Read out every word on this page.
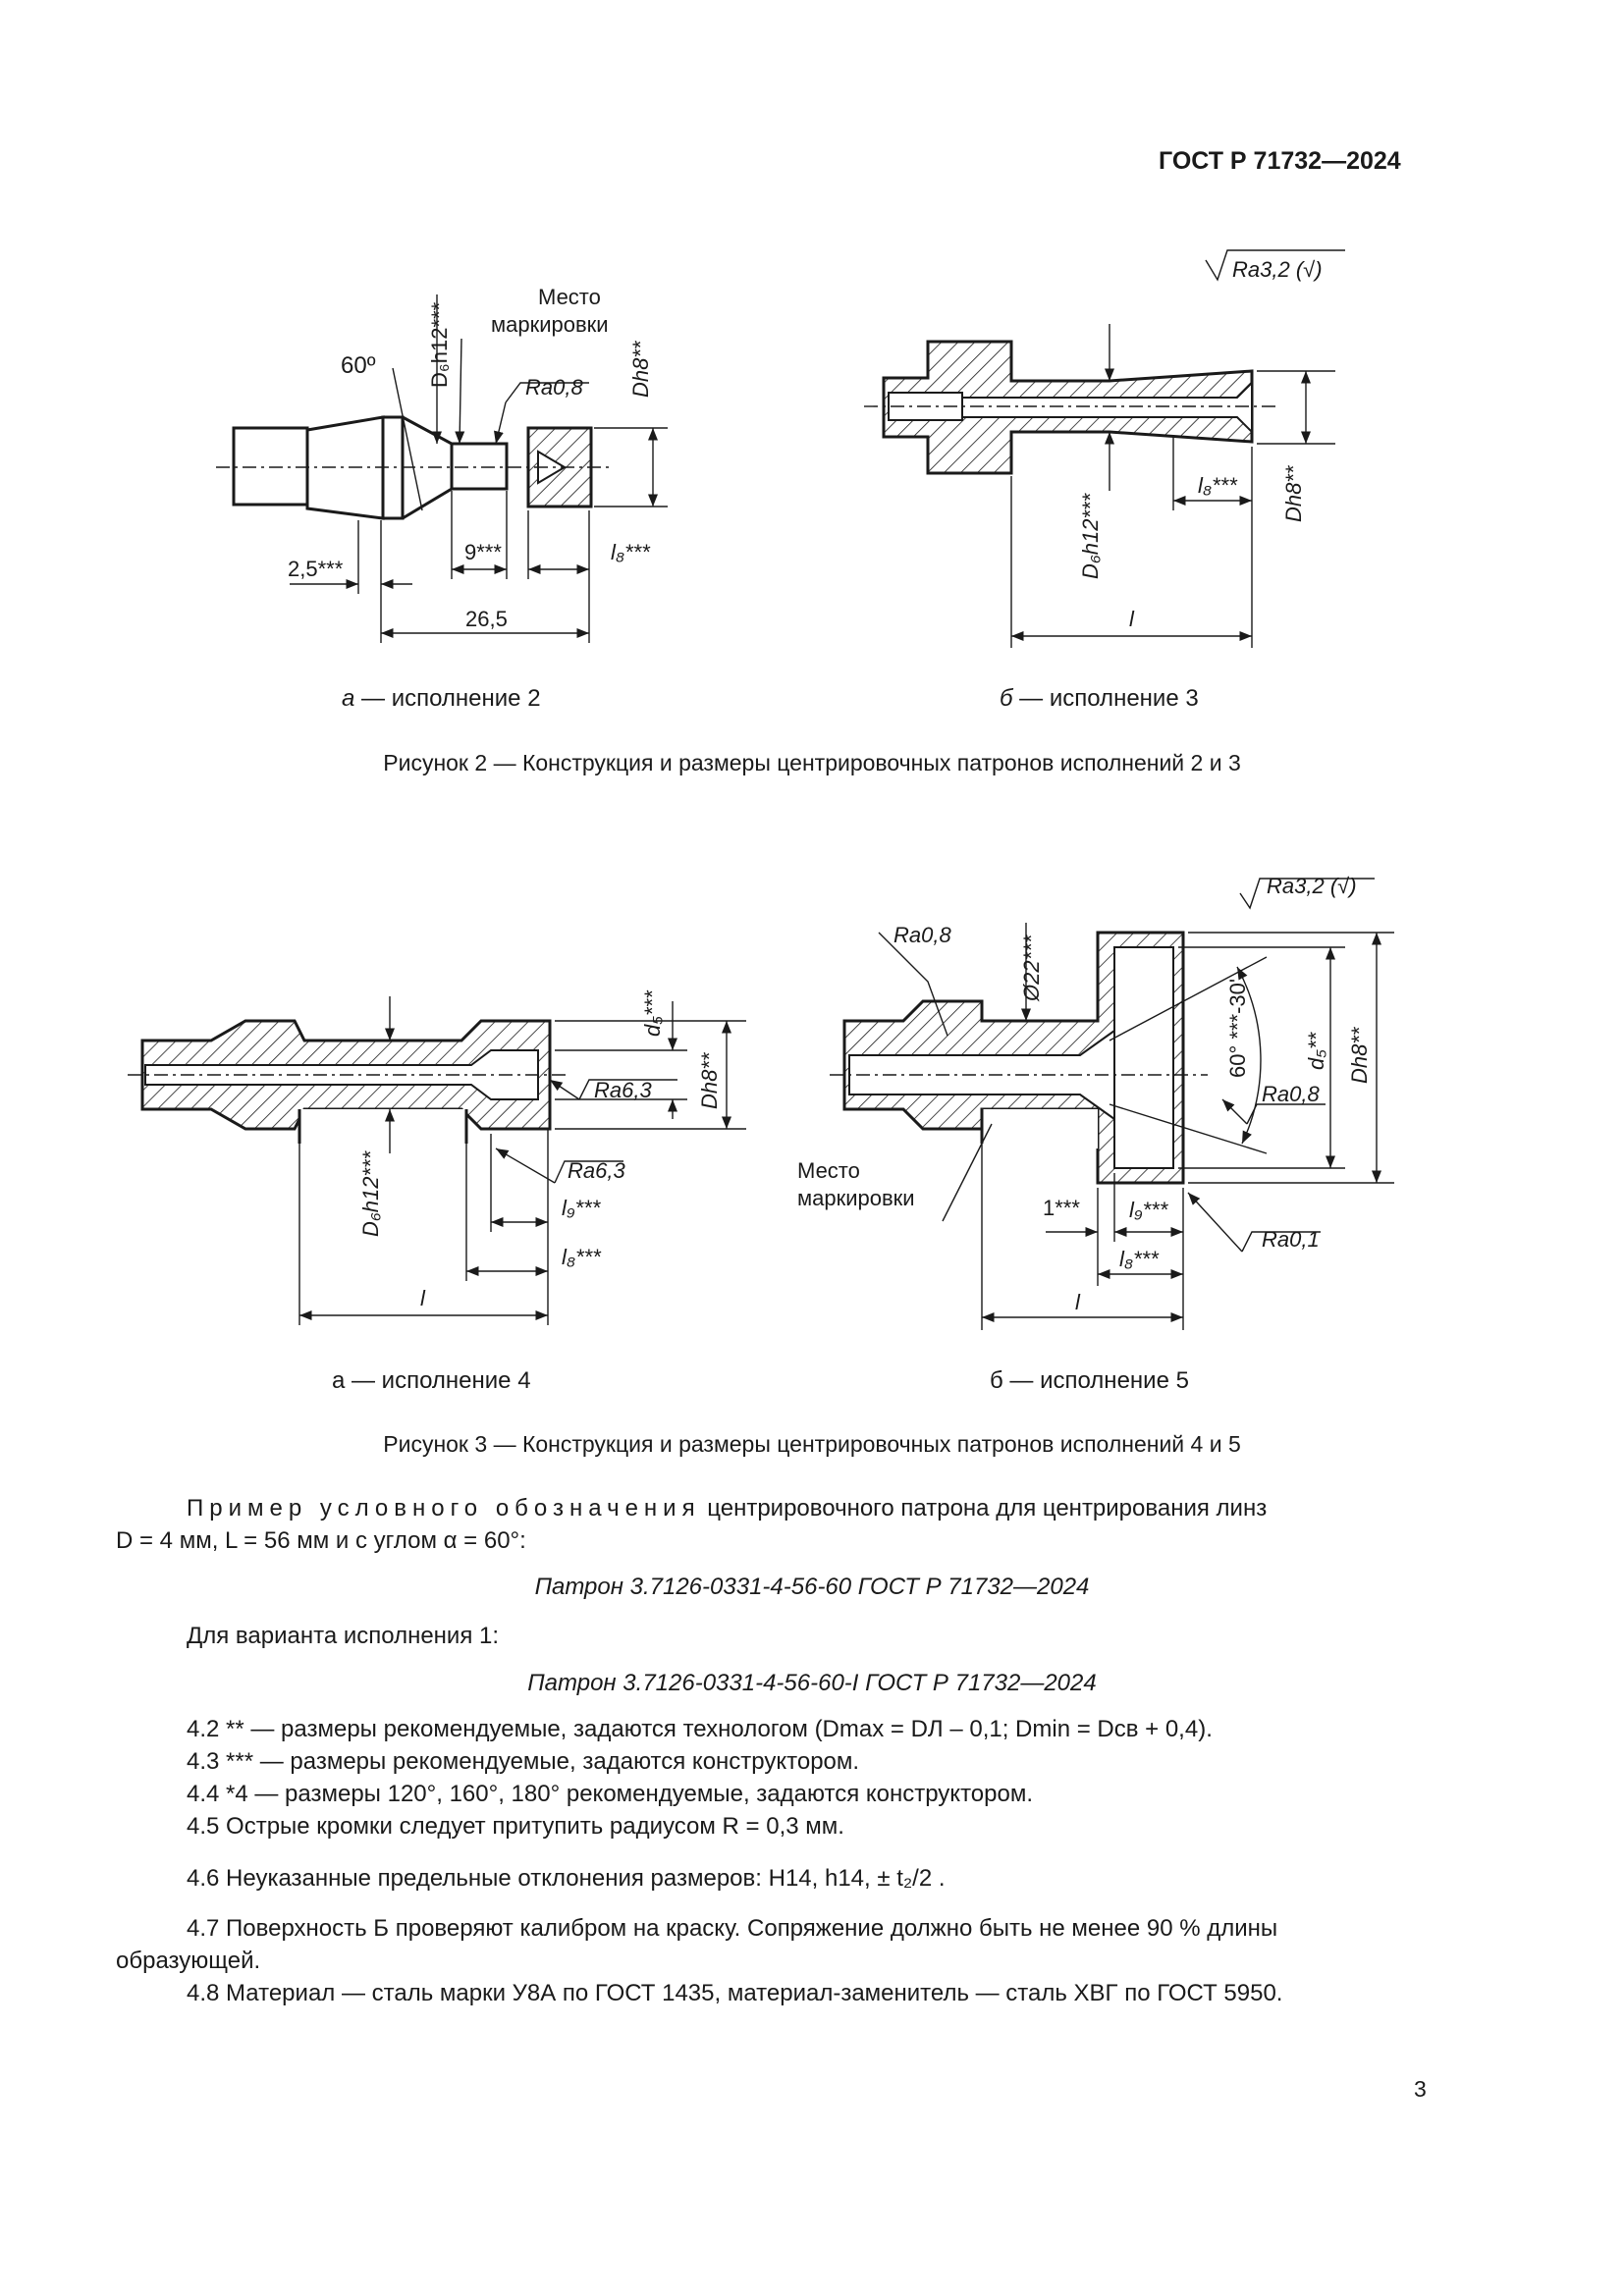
ГОСТ Р 71732—2024
60º D₆h12***
Место
маркировки
Ra0,8 Dh8**
2,5***
9***	l₈***
26,5
Ra3,2 (√)
D₆h12***
l₈*** Dh8**
l
а — исполнение 2	б — исполнение 3
Рисунок 2 — Конструкция и размеры центрировочных патронов исполнений 2 и 3
d₅***
Dh8**
Ra6,3
Ra6,3
D₆h12***	l₉***
l₈***
l
Ra3,2 (√)
Ra0,8
Ø22***
60° ***-30'	d₅** Dh8**
Ra0,8
Место
маркировки	1*** l₉***
Ra0,1
l₈***
l
а — исполнение 4	б — исполнение 5
Рисунок 3 — Конструкция и размеры центрировочных патронов исполнений 4 и 5
Пример условного обозначения центрировочного патрона для центрирования линз
D = 4 мм, L = 56 мм и с углом α = 60°:
Патрон 3.7126-0331-4-56-60 ГОСТ Р 71732—2024
Для варианта исполнения 1:
Патрон 3.7126-0331-4-56-60-I ГОСТ Р 71732—2024
4.2 ** — размеры рекомендуемые, задаются технологом (Dmax = DЛ – 0,1; Dmin = Dсв + 0,4).
4.3 *** — размеры рекомендуемые, задаются конструктором.
4.4 *4 — размеры 120°, 160°, 180° рекомендуемые, задаются конструктором.
4.5 Острые кромки следует притупить радиусом R = 0,3 мм.
4.6 Неуказанные предельные отклонения размеров: Н14, h14, ± t₂/2 .
4.7 Поверхность Б проверяют калибром на краску. Сопряжение должно быть не менее 90 % длины
образующей.
4.8 Материал — сталь марки У8А по ГОСТ 1435, материал-заменитель — сталь ХВГ по ГОСТ 5950.
3
